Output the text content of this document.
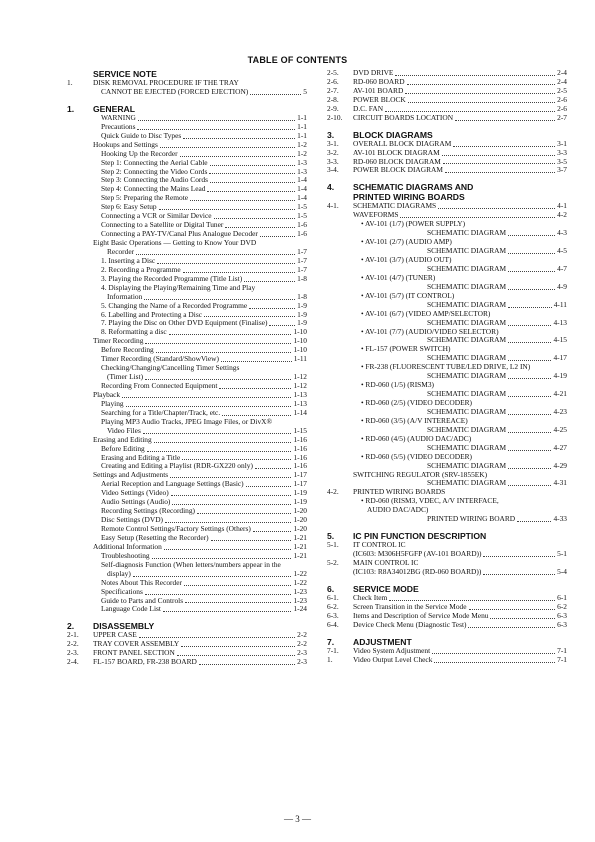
TABLE OF CONTENTS
SERVICE NOTE
1.	DISK REMOVAL PROCEDURE IF THE TRAY
CANNOT BE EJECTED (FORCED EJECTION)	5
1. GENERAL
WARNING	1-1
Precautions	1-1
Quick Guide to Disc Types	1-1
Hookups and Settings	1-2
Hooking Up the Recorder	1-2
Step 1: Connecting the Aerial Cable	1-3
Step 2: Connecting the Video Cords	1-3
Step 3: Connecting the Audio Cords	1-4
Step 4: Connecting the Mains Lead	1-4
Step 5: Preparing the Remote	1-4
Step 6: Easy Setup	1-5
Connecting a VCR or Similar Device	1-5
Connecting to a Satellite or Digital Tuner	1-6
Connecting a PAY-TV/Canal Plus Analogue Decoder	1-6
Eight Basic Operations — Getting to Know Your DVD
Recorder	1-7
1. Inserting a Disc	1-7
2. Recording a Programme	1-7
3. Playing the Recorded Programme (Title List)	1-8
4. Displaying the Playing/Remaining Time and Play
Information	1-8
5. Changing the Name of a Recorded Programme	1-9
6. Labelling and Protecting a Disc	1-9
7. Playing the Disc on Other DVD Equipment (Finalise)	1-9
8. Reformatting a disc	1-10
Timer Recording	1-10
Before Recording	1-10
Timer Recording (Standard/ShowView)	1-11
Checking/Changing/Cancelling Timer Settings
(Timer List)	1-12
Recording From Connected Equipment	1-12
Playback	1-13
Playing	1-13
Searching for a Title/Chapter/Track, etc.	1-14
Playing MP3 Audio Tracks, JPEG Image Files, or DivX®
Video Files	1-15
Erasing and Editing	1-16
Before Editing	1-16
Erasing and Editing a Title	1-16
Creating and Editing a Playlist (RDR-GX220 only)	1-16
Settings and Adjustments	1-17
Aerial Reception and Language Settings (Basic)	1-17
Video Settings (Video)	1-19
Audio Settings (Audio)	1-19
Recording Settings (Recording)	1-20
Disc Settings (DVD)	1-20
Remote Control Settings/Factory Settings (Others)	1-20
Easy Setup (Resetting the Recorder)	1-21
Additional Information	1-21
Troubleshooting	1-21
Self-diagnosis Function (When letters/numbers appear in the
display)	1-22
Notes About This Recorder	1-22
Specifications	1-23
Guide to Parts and Controls	1-23
Language Code List	1-24
2. DISASSEMBLY
2-1.	UPPER CASE	2-2
2-2.	TRAY COVER ASSEMBLY	2-2
2-3.	FRONT PANEL SECTION	2-3
2-4.	FL-157 BOARD, FR-238 BOARD	2-3
2-5.	DVD DRIVE	2-4
2-6.	RD-060 BOARD	2-4
2-7.	AV-101 BOARD	2-5
2-8.	POWER BLOCK	2-6
2-9.	D.C. FAN	2-6
2-10.	CIRCUIT BOARDS LOCATION	2-7
3. BLOCK DIAGRAMS
3-1.	OVERALL BLOCK DIAGRAM	3-1
3-2.	AV-101 BLOCK DIAGRAM	3-3
3-3.	RD-060 BLOCK DIAGRAM	3-5
3-4.	POWER BLOCK DIAGRAM	3-7
4. SCHEMATIC DIAGRAMS AND
PRINTED WIRING BOARDS
4-1.	SCHEMATIC DIAGRAMS	4-1
WAVEFORMS	4-2
• AV-101 (1/7) (POWER SUPPLY)
SCHEMATIC DIAGRAM	4-3
• AV-101 (2/7) (AUDIO AMP)
SCHEMATIC DIAGRAM	4-5
• AV-101 (3/7) (AUDIO OUT)
SCHEMATIC DIAGRAM	4-7
• AV-101 (4/7) (TUNER)
SCHEMATIC DIAGRAM	4-9
• AV-101 (5/7) (IT CONTROL)
SCHEMATIC DIAGRAM	4-11
• AV-101 (6/7) (VIDEO AMP/SELECTOR)
SCHEMATIC DIAGRAM	4-13
• AV-101 (7/7) (AUDIO/VIDEO SELECTOR)
SCHEMATIC DIAGRAM	4-15
• FL-157 (POWER SWITCH)
SCHEMATIC DIAGRAM	4-17
• FR-238 (FLUORESCENT TUBE/LED DRIVE, L2 IN)
SCHEMATIC DIAGRAM	4-19
• RD-060 (1/5) (RISM3)
SCHEMATIC DIAGRAM	4-21
• RD-060 (2/5) (VIDEO DECODER)
SCHEMATIC DIAGRAM	4-23
• RD-060 (3/5) (A/V INTEREACE)
SCHEMATIC DIAGRAM	4-25
• RD-060 (4/5) (AUDIO DAC/ADC)
SCHEMATIC DIAGRAM	4-27
• RD-060 (5/5) (VIDEO DECODER)
SCHEMATIC DIAGRAM	4-29
SWITCHING REGULATOR (SRV-1855EK)
SCHEMATIC DIAGRAM	4-31
4-2.	PRINTED WIRING BOARDS
• RD-060 (RISM3, VDEC, A/V INTERFACE,
AUDIO DAC/ADC)
PRINTED WIRING BOARD	4-33
5. IC PIN FUNCTION DESCRIPTION
5-1.	IT CONTROL IC
(IC603: M306H5FGFP (AV-101 BOARD))	5-1
5-2.	MAIN CONTROL IC
(IC103: R8A34012BG (RD-060 BOARD))	5-4
6. SERVICE MODE
6-1.	Check Item	6-1
6-2.	Screen Transition in the Service Mode	6-2
6-3.	Items and Description of Service Mode Menu	6-3
6-4.	Device Check Menu (Diagnostic Test)	6-3
7. ADJUSTMENT
7-1.	Video System Adjustment	7-1
1.	Video Output Level Check	7-1
— 3 —
